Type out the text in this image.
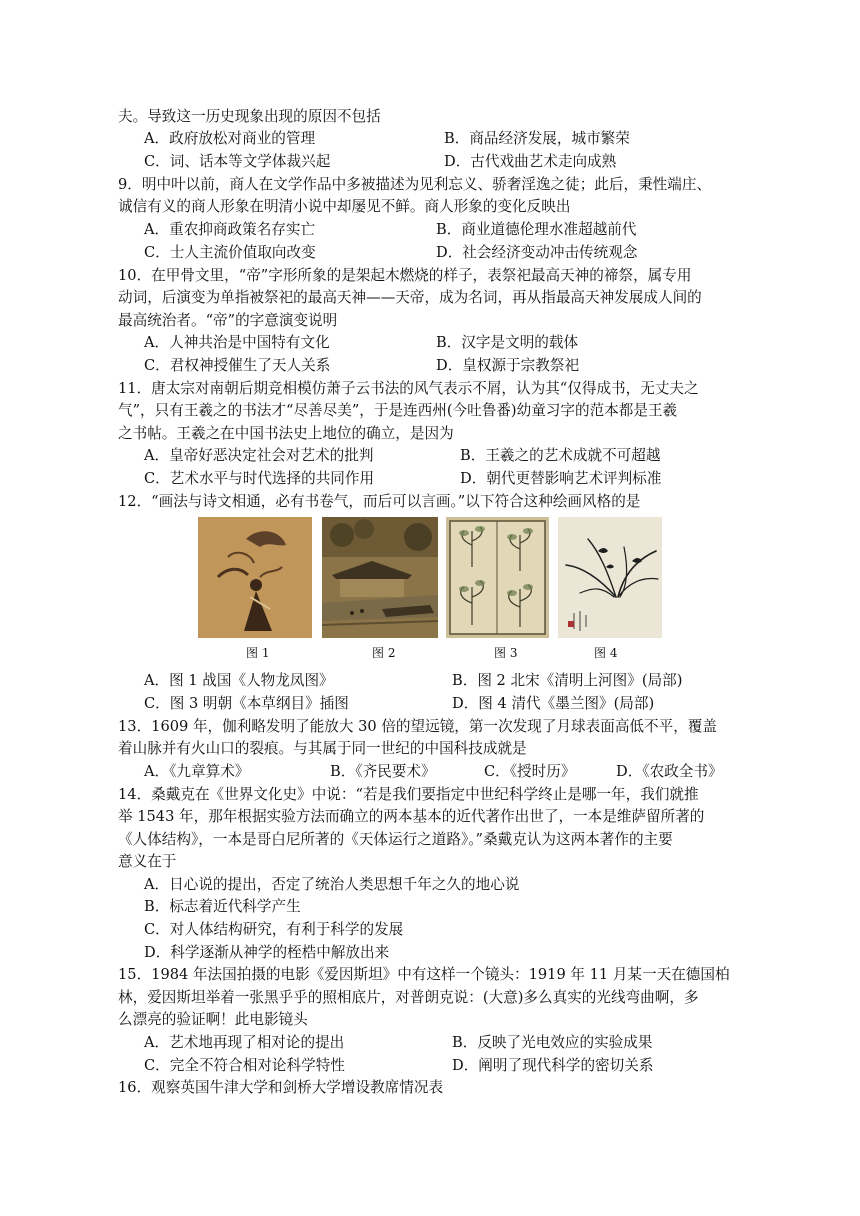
夫。导致这一历史现象出现的原因不包括
A．政府放松对商业的管理	B．商品经济发展，城市繁荣
C．词、话本等文学体裁兴起	D．古代戏曲艺术走向成熟
9．明中叶以前，商人在文学作品中多被描述为见利忘义、骄奢淫逸之徒；此后，秉性端庄、
诚信有义的商人形象在明清小说中却屡见不鲜。商人形象的变化反映出
A．重农抑商政策名存实亡	B．商业道德伦理水准超越前代
C．士人主流价值取向改变	D．社会经济变动冲击传统观念
10．在甲骨文里，“帝”字形所象的是架起木燃烧的样子，表祭祀最高天神的禘祭，属专用
动词，后演变为单指被祭祀的最高天神——天帝，成为名词，再从指最高天神发展成人间的
最高统治者。“帝”的字意演变说明
A．人神共治是中国特有文化	B．汉字是文明的载体
C．君权神授催生了天人关系	D．皇权源于宗教祭祀
11．唐太宗对南朝后期竞相模仿萧子云书法的风气表示不屑，认为其“仅得成书，无丈夫之
气”，只有王羲之的书法才“尽善尽美”，于是连西州(今吐鲁番)幼童习字的范本都是王羲
之书帖。王羲之在中国书法史上地位的确立，是因为
A．皇帝好恶决定社会对艺术的批判	B．王羲之的艺术成就不可超越
C．艺术水平与时代选择的共同作用	D．朝代更替影响艺术评判标准
12．“画法与诗文相通，必有书卷气，而后可以言画。”以下符合这种绘画风格的是
图 1	图 2	图 3	图 4
A．图 1 战国《人物龙凤图》	B．图 2 北宋《清明上河图》(局部)
C．图 3 明朝《本草纲目》插图	D．图 4 清代《墨兰图》(局部)
13．1609 年，伽利略发明了能放大 30 倍的望远镜，第一次发现了月球表面高低不平，覆盖
着山脉并有火山口的裂痕。与其属于同一世纪的中国科技成就是
A．《九章算术》	B．《齐民要术》	C．《授时历》	D．《农政全书》
14．桑戴克在《世界文化史》中说：“若是我们要指定中世纪科学终止是哪一年，我们就推
举 1543 年，那年根据实验方法而确立的两本基本的近代著作出世了，一本是维萨留所著的
《人体结构》，一本是哥白尼所著的《天体运行之道路》。”桑戴克认为这两本著作的主要
意义在于
A．日心说的提出，否定了统治人类思想千年之久的地心说
B．标志着近代科学产生
C．对人体结构研究，有利于科学的发展
D．科学逐渐从神学的桎梏中解放出来
15．1984 年法国拍摄的电影《爱因斯坦》中有这样一个镜头：1919 年 11 月某一天在德国柏
林，爱因斯坦举着一张黑乎乎的照相底片，对普朗克说：(大意)多么真实的光线弯曲啊，多
么漂亮的验证啊！此电影镜头
A．艺术地再现了相对论的提出	B．反映了光电效应的实验成果
C．完全不符合相对论科学特性	D．阐明了现代科学的密切关系
16．观察英国牛津大学和剑桥大学增设教席情况表
